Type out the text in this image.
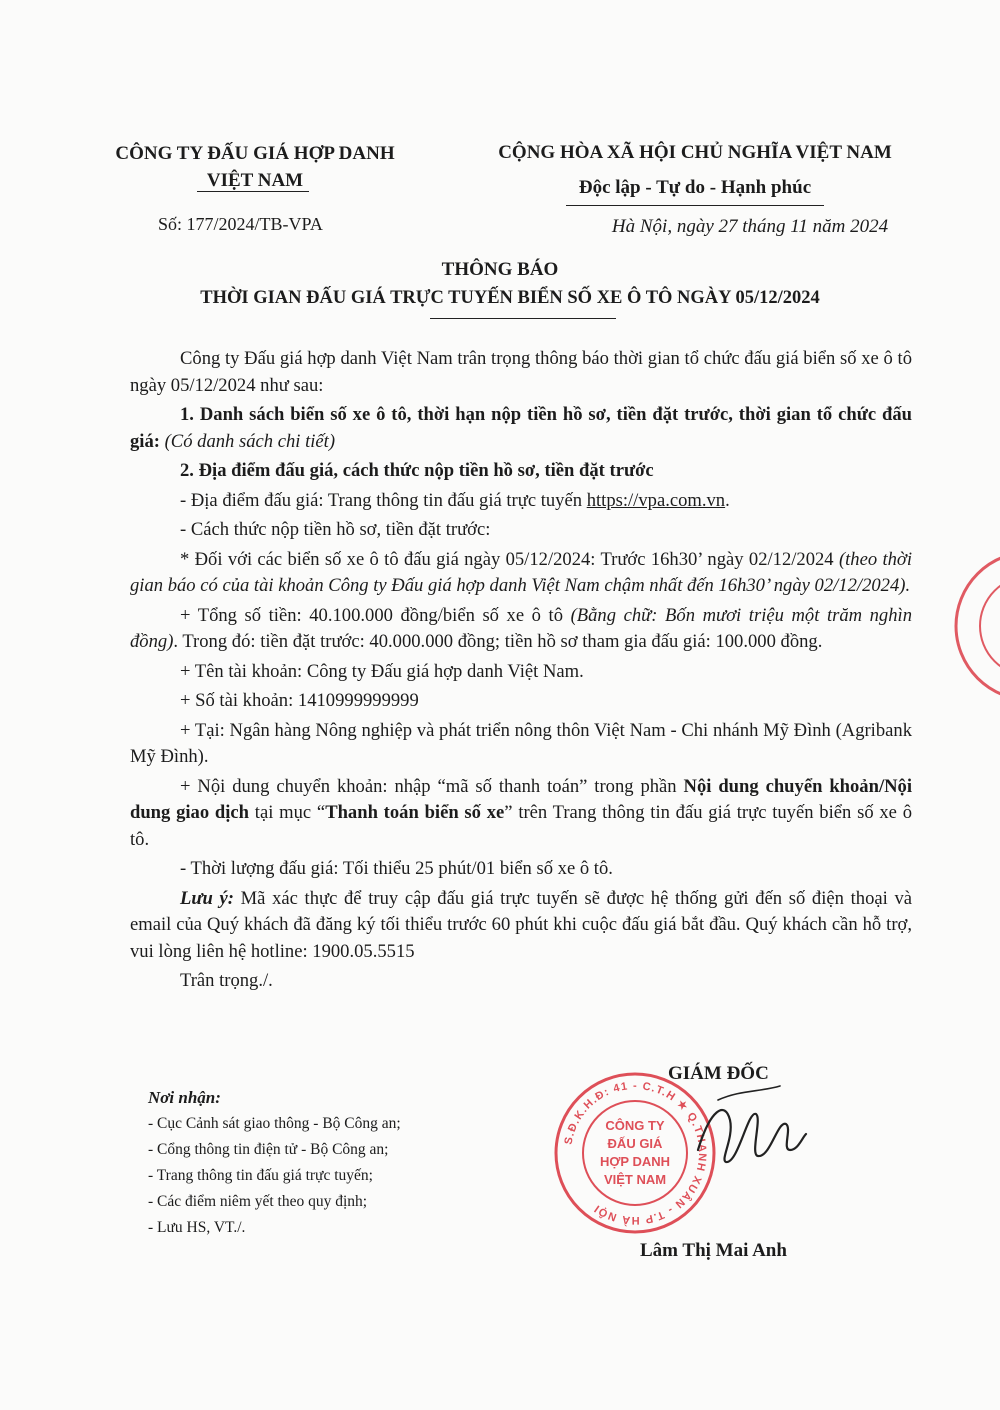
CÔNG TY ĐẤU GIÁ HỢP DANH
VIỆT NAM
Số: 177/2024/TB-VPA
CỘNG HÒA XÃ HỘI CHỦ NGHĨA VIỆT NAM
Độc lập - Tự do - Hạnh phúc
Hà Nội, ngày 27 tháng 11 năm 2024
THÔNG BÁO
THỜI GIAN ĐẤU GIÁ TRỰC TUYẾN BIỂN SỐ XE Ô TÔ NGÀY 05/12/2024

Công ty Đấu giá hợp danh Việt Nam trân trọng thông báo thời gian tổ chức đấu giá biển số xe ô tô ngày 05/12/2024 như sau:

1. Danh sách biển số xe ô tô, thời hạn nộp tiền hồ sơ, tiền đặt trước, thời gian tổ chức đấu giá: (Có danh sách chi tiết)

2. Địa điểm đấu giá, cách thức nộp tiền hồ sơ, tiền đặt trước

- Địa điểm đấu giá: Trang thông tin đấu giá trực tuyến https://vpa.com.vn.

- Cách thức nộp tiền hồ sơ, tiền đặt trước:

* Đối với các biển số xe ô tô đấu giá ngày 05/12/2024: Trước 16h30’ ngày 02/12/2024 (theo thời gian báo có của tài khoản Công ty Đấu giá hợp danh Việt Nam chậm nhất đến 16h30’ ngày 02/12/2024).

+ Tổng số tiền: 40.100.000 đồng/biển số xe ô tô (Bằng chữ: Bốn mươi triệu một trăm nghìn đồng). Trong đó: tiền đặt trước: 40.000.000 đồng; tiền hồ sơ tham gia đấu giá: 100.000 đồng.

+ Tên tài khoản: Công ty Đấu giá hợp danh Việt Nam.

+ Số tài khoản: 1410999999999

+ Tại: Ngân hàng Nông nghiệp và phát triển nông thôn Việt Nam - Chi nhánh Mỹ Đình (Agribank Mỹ Đình).

+ Nội dung chuyển khoản: nhập “mã số thanh toán” trong phần Nội dung chuyển khoản/Nội dung giao dịch tại mục “Thanh toán biển số xe” trên Trang thông tin đấu giá trực tuyến biển số xe ô tô.

- Thời lượng đấu giá: Tối thiểu 25 phút/01 biển số xe ô tô.

Lưu ý: Mã xác thực để truy cập đấu giá trực tuyến sẽ được hệ thống gửi đến số điện thoại và email của Quý khách đã đăng ký tối thiểu trước 60 phút khi cuộc đấu giá bắt đầu. Quý khách cần hỗ trợ, vui lòng liên hệ hotline: 1900.05.5515

Trân trọng./.

Nơi nhận:
- Cục Cảnh sát giao thông - Bộ Công an;
- Cổng thông tin điện tử - Bộ Công an;
- Trang thông tin đấu giá trực tuyến;
- Các điểm niêm yết theo quy định;
- Lưu HS, VT./.
GIÁM ĐỐC
S.Đ.K.H.Đ: 41 - C.T.H ★ Q.THANH XUÂN - T.P HÀ NỘI
CÔNG TY
ĐẤU GIÁ
HỢP DANH
VIỆT NAM
Lâm Thị Mai Anh
